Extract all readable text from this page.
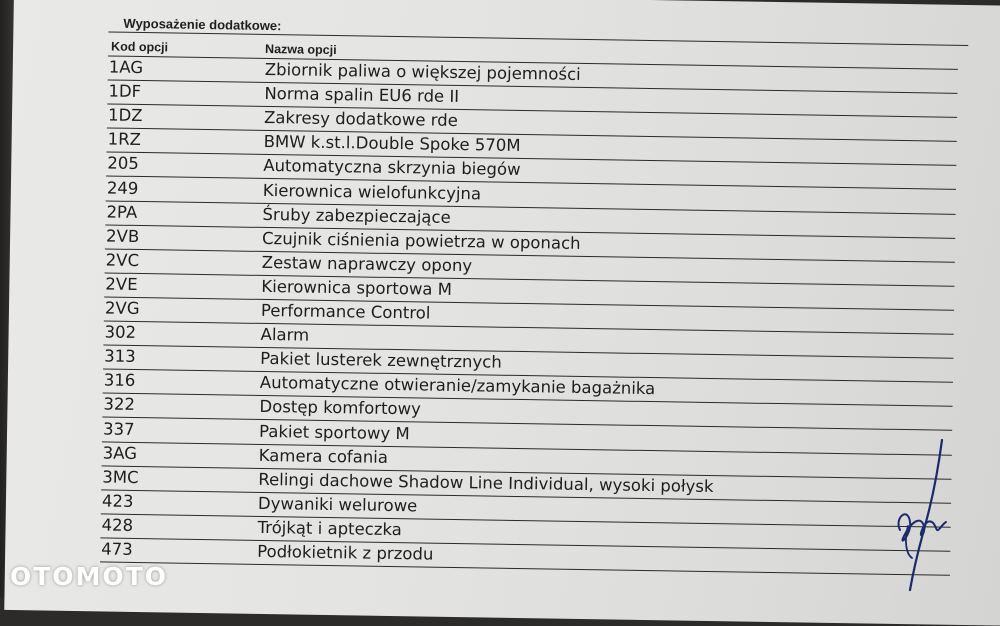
Wyposażenie dodatkowe:
Kod opcji	Nazwa opcji
1AG	Zbiornik paliwa o większej pojemności
1DF	Norma spalin EU6 rde II
1DZ	Zakresy dodatkowe rde
1RZ	BMW k.st.l.Double Spoke 570M
205	Automatyczna skrzynia biegów
249	Kierownica wielofunkcyjna
2PA	Śruby zabezpieczające
2VB	Czujnik ciśnienia powietrza w oponach
2VC	Zestaw naprawczy opony
2VE	Kierownica sportowa M
2VG	Performance Control
302	Alarm
313	Pakiet lusterek zewnętrznych
316	Automatyczne otwieranie/zamykanie bagażnika
322	Dostęp komfortowy
337	Pakiet sportowy M
3AG	Kamera cofania
3MC	Relingi dachowe Shadow Line Individual, wysoki połysk
423	Dywaniki welurowe
428	Trójkąt i apteczka
473	Podłokietnik z przodu
OTOMOTO
